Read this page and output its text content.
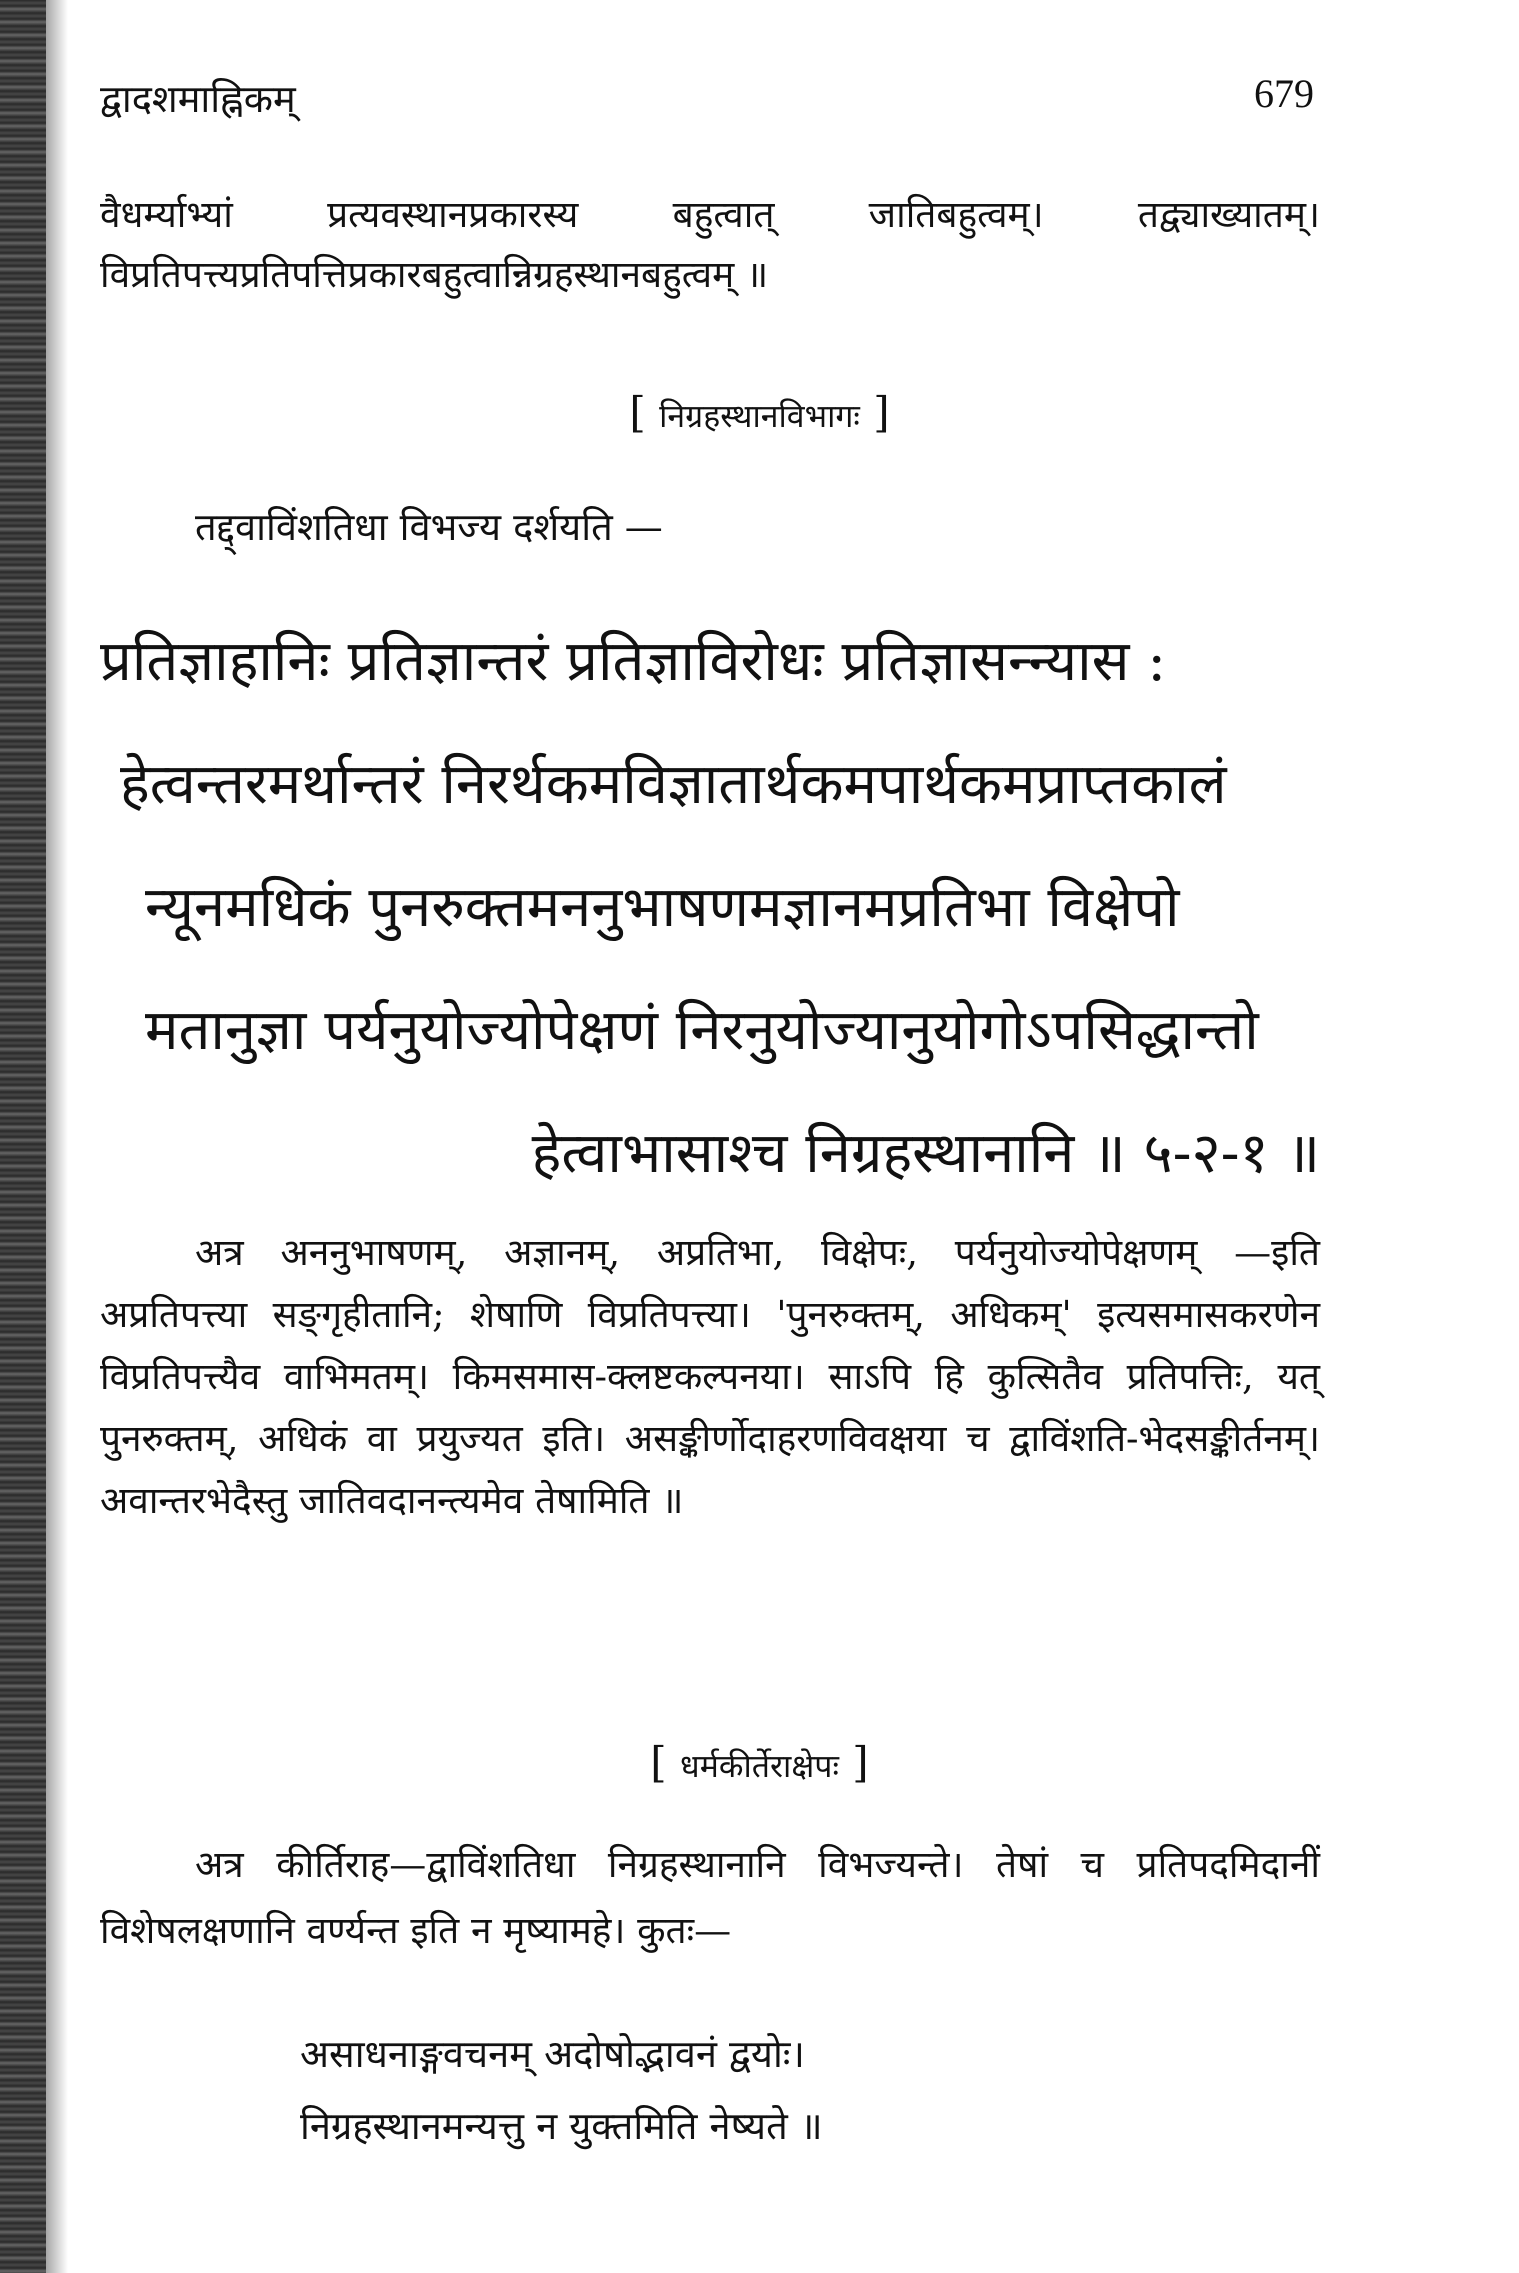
द्वादशमाह्निकम्	679
वैधर्म्याभ्यां प्रत्यवस्थानप्रकारस्य बहुत्वात् जातिबहुत्वम्। तद्व्याख्यातम्। विप्रतिपत्त्यप्रतिपत्तिप्रकारबहुत्वान्निग्रहस्थानबहुत्वम् ॥
[ निग्रहस्थानविभागः ]
तद्द्वाविंशतिधा विभज्य दर्शयति —
प्रतिज्ञाहानिः प्रतिज्ञान्तरं प्रतिज्ञाविरोधः प्रतिज्ञासन्न्यास :
हेत्वन्तरमर्थान्तरं निरर्थकमविज्ञातार्थकमपार्थकमप्राप्तकालं
न्यूनमधिकं पुनरुक्तमननुभाषणमज्ञानमप्रतिभा विक्षेपो
मतानुज्ञा पर्यनुयोज्योपेक्षणं निरनुयोज्यानुयोगोऽपसिद्धान्तो
हेत्वाभासाश्च निग्रहस्थानानि ॥ ५-२-१ ॥
अत्र अननुभाषणम्, अज्ञानम्, अप्रतिभा, विक्षेपः, पर्यनुयोज्योपेक्षणम् —इति अप्रतिपत्त्या सङ्गृहीतानि; शेषाणि विप्रतिपत्त्या। 'पुनरुक्तम्, अधिकम्' इत्यसमासकरणेन विप्रतिपत्त्यैव वाभिमतम्। किमसमास-क्लष्टकल्पनया। साऽपि हि कुत्सितैव प्रतिपत्तिः, यत् पुनरुक्तम्, अधिकं वा प्रयुज्यत इति। असङ्कीर्णोदाहरणविवक्षया च द्वाविंशति-भेदसङ्कीर्तनम्। अवान्तरभेदैस्तु जातिवदानन्त्यमेव तेषामिति ॥
[ धर्मकीर्तेराक्षेपः ]
अत्र कीर्तिराह—द्वाविंशतिधा निग्रहस्थानानि विभज्यन्ते। तेषां च प्रतिपदमिदानीं विशेषलक्षणानि वर्ण्यन्त इति न मृष्यामहे। कुतः—
असाधनाङ्गवचनम् अदोषोद्भावनं द्वयोः।
निग्रहस्थानमन्यत्तु न युक्तमिति नेष्यते ॥
